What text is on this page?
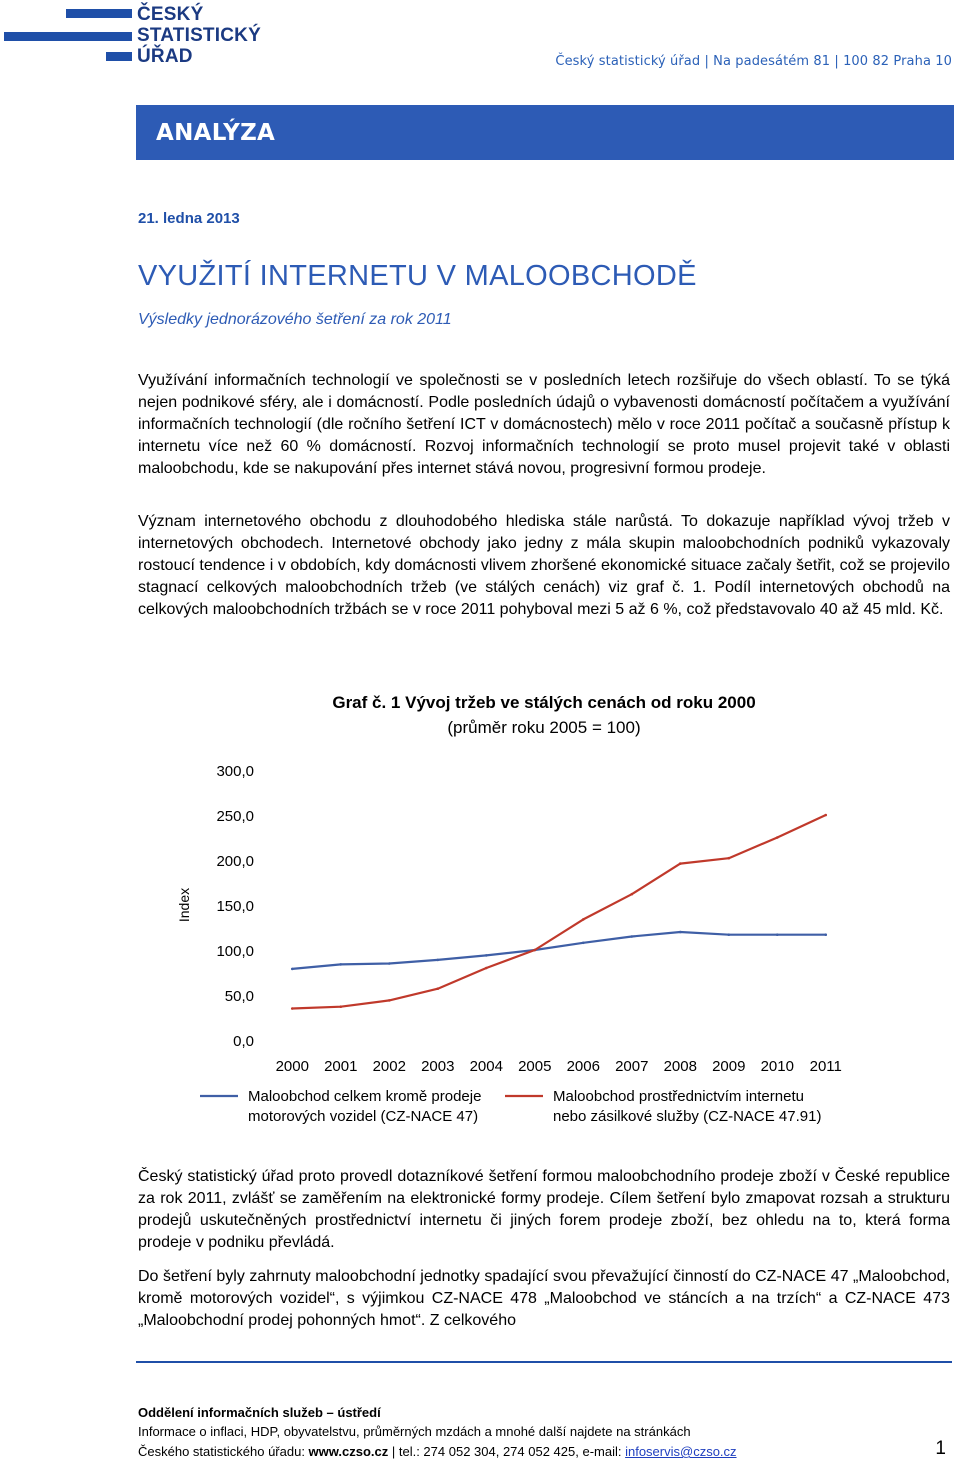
ČESKÝ
STATISTICKÝ
ÚŘAD	Český statistický úřad | Na padesátém 81 | 100 82 Praha 10
ANALÝZA
21. ledna 2013
VYUŽITÍ INTERNETU V MALOOBCHODĚ
Výsledky jednorázového šetření za rok 2011
Využívání informačních technologií ve společnosti se v posledních letech rozšiřuje do všech oblastí. To se týká nejen podnikové sféry, ale i domácností. Podle posledních údajů o vybavenosti domácností počítačem a využívání informačních technologií (dle ročního šetření ICT v domácnostech) mělo v roce 2011 počítač a současně přístup k internetu více než 60 % domácností. Rozvoj informačních technologií se proto musel projevit také v oblasti maloobchodu, kde se nakupování přes internet stává novou, progresivní formou prodeje.
Význam internetového obchodu z dlouhodobého hlediska stále narůstá. To dokazuje například vývoj tržeb v internetových obchodech. Internetové obchody jako jedny z mála skupin maloobchodních podniků vykazovaly rostoucí tendence i v obdobích, kdy domácnosti vlivem zhoršené ekonomické situace začaly šetřit, což se projevilo stagnací celkových maloobchodních tržeb (ve stálých cenách) viz graf č. 1. Podíl internetových obchodů na celkových maloobchodních tržbách se v roce 2011 pohyboval mezi 5 až 6 %, což představovalo 40 až 45 mld. Kč.
Graf č. 1 Vývoj tržeb ve stálých cenách od roku 2000
(průměr roku 2005 = 100)
0,0
50,0
100,0
150,0
200,0
250,0
300,0
2000 2001 2002 2003 2004 2005 2006 2007 2008 2009 2010 2011
Index
Maloobchod celkem kromě prodeje
motorových vozidel (CZ-NACE 47)
Maloobchod prostřednictvím internetu
nebo zásilkové služby (CZ-NACE 47.91)
Český statistický úřad proto provedl dotazníkové šetření formou maloobchodního prodeje zboží v České republice za rok 2011, zvlášť se zaměřením na elektronické formy prodeje. Cílem šetření bylo zmapovat rozsah a strukturu prodejů uskutečněných prostřednictví internetu či jiných forem prodeje zboží, bez ohledu na to, která forma prodeje v podniku převládá.
Do šetření byly zahrnuty maloobchodní jednotky spadající svou převažující činností do CZ-NACE 47 „Maloobchod, kromě motorových vozidel“, s výjimkou CZ-NACE 478 „Maloobchod ve stáncích a na trzích“ a CZ-NACE 473 „Maloobchodní prodej pohonných hmot“. Z celkového
Oddělení informačních služeb – ústředí
Informace o inflaci, HDP, obyvatelstvu, průměrných mzdách a mnohé další najdete na stránkách
Českého statistického úřadu: www.czso.cz | tel.: 274 052 304, 274 052 425, e-mail: infoservis@czso.cz	1
